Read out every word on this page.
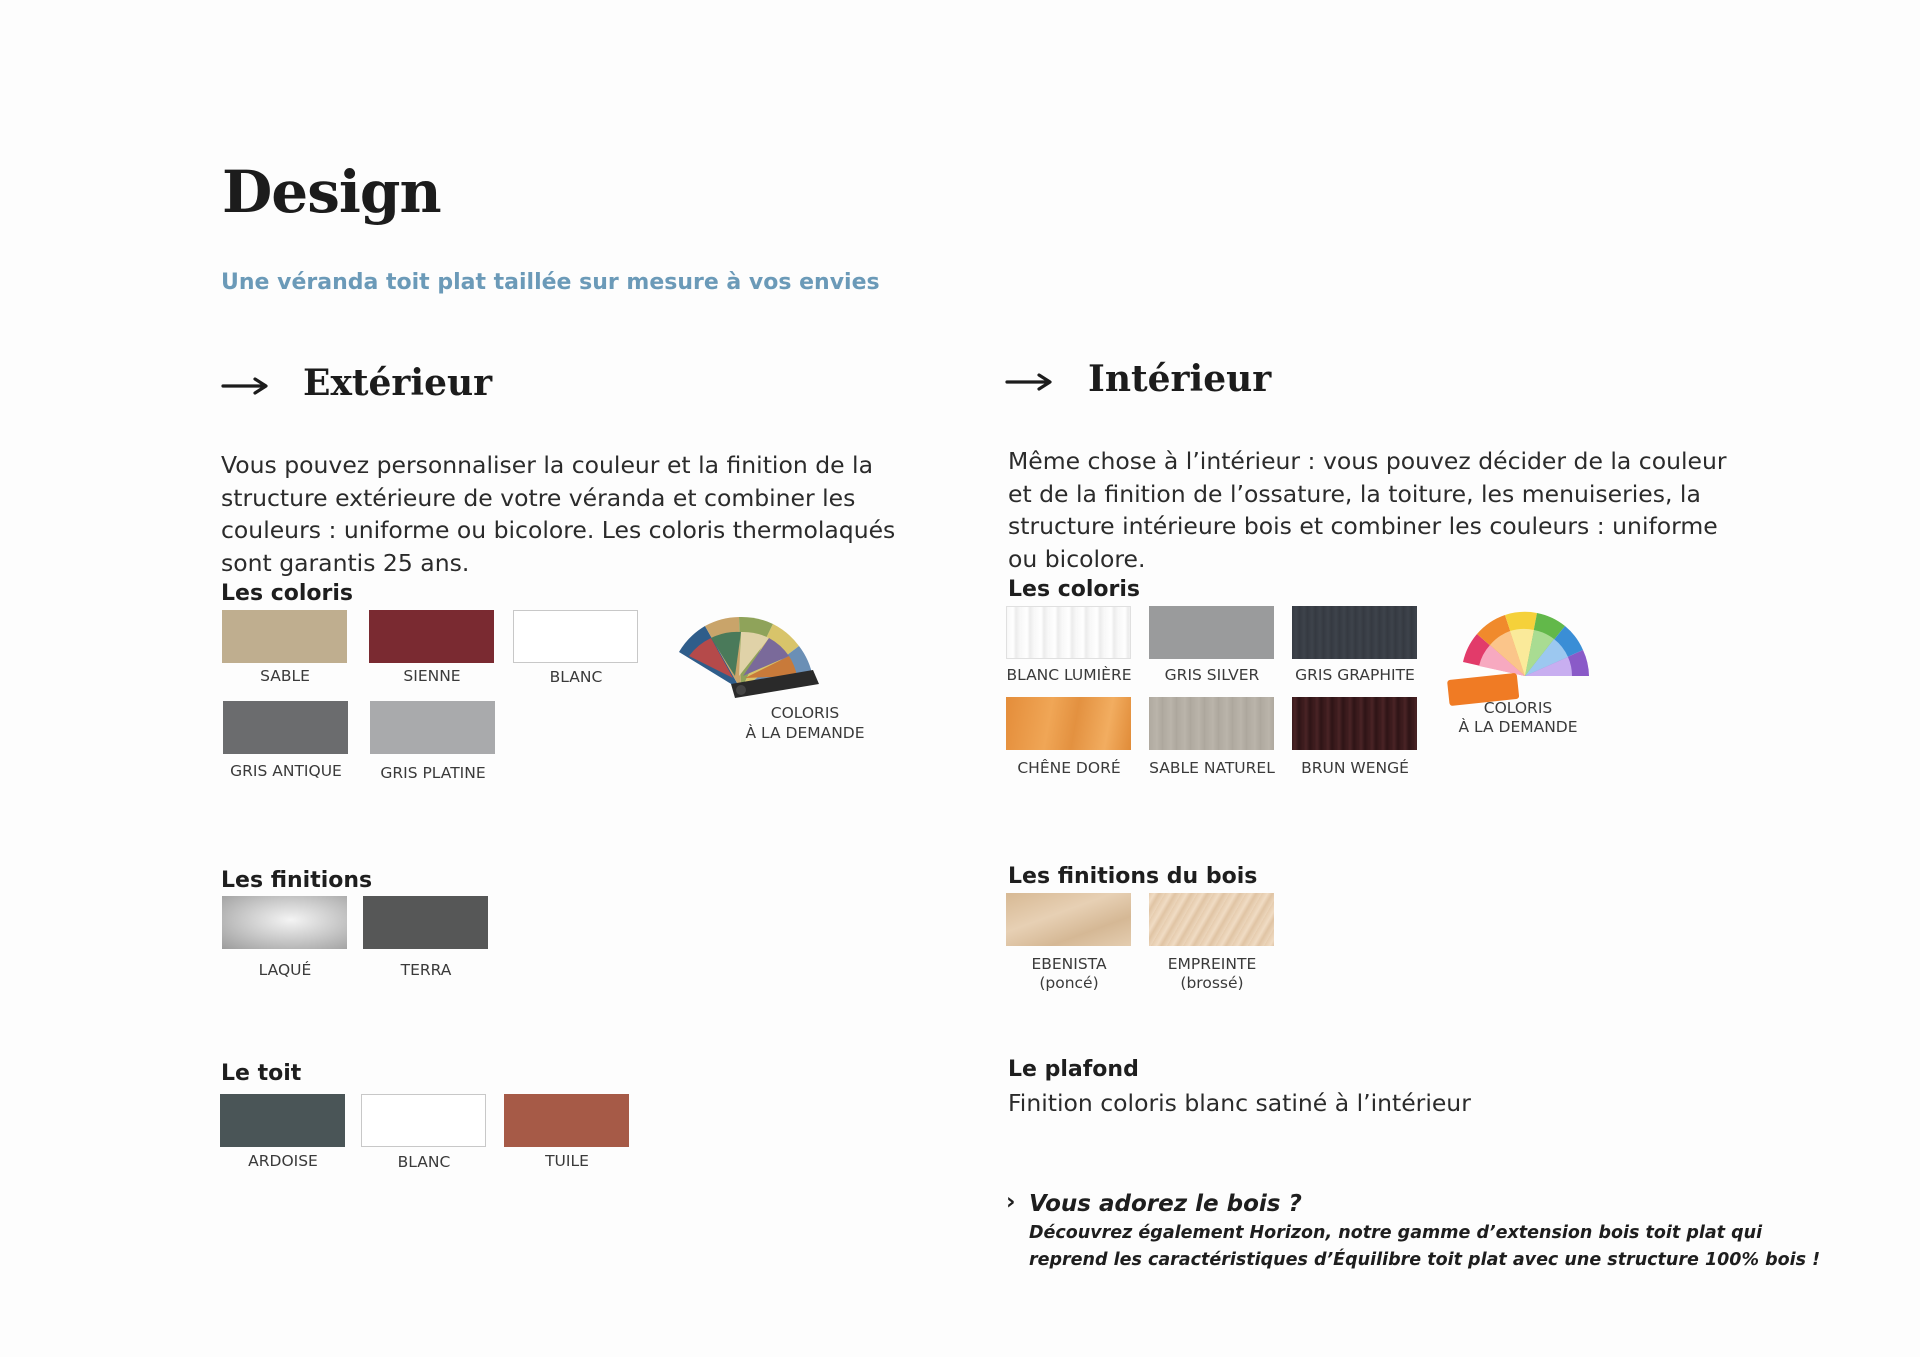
Design
Une véranda toit plat taillée sur mesure à vos envies
Extérieur
Vous pouvez personnaliser la couleur et la finition de la structure extérieure de votre véranda et combiner les couleurs : uniforme ou bicolore. Les coloris thermolaqués sont garantis 25 ans.
Les coloris
SABLE	SIENNE	BLANC
COLORIS
À LA DEMANDE
GRIS ANTIQUE	GRIS PLATINE
Les finitions
LAQUÉ	TERRA
Le toit
ARDOISE	BLANC	TUILE
Intérieur
Même chose à l’intérieur : vous pouvez décider de la couleur et de la finition de l’ossature, la toiture, les menuiseries, la structure intérieure bois et combiner les couleurs : uniforme ou bicolore.
Les coloris
BLANC LUMIÈRE	GRIS SILVER	GRIS GRAPHITE
COLORIS
À LA DEMANDE
CHÊNE DORÉ	SABLE NATUREL	BRUN WENGÉ
Les finitions du bois
EBENISTA
(poncé)
EMPREINTE
(brossé)
Le plafond
Finition coloris blanc satiné à l’intérieur
› Vous adorez le bois ?
Découvrez également Horizon, notre gamme d’extension bois toit plat qui
reprend les caractéristiques d’Équilibre toit plat avec une structure 100% bois !
